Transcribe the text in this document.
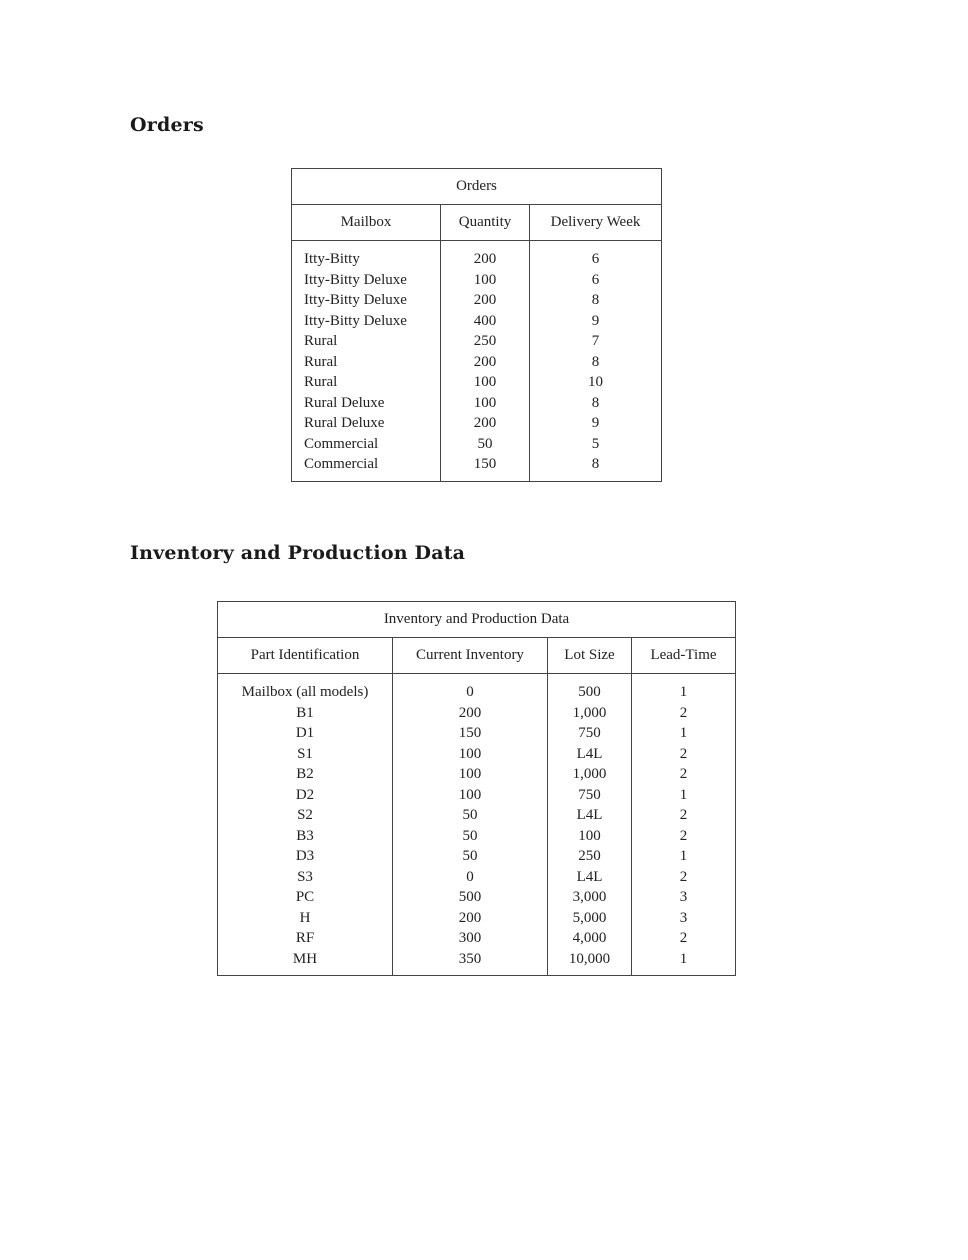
Orders
Orders		
Mailbox	Quantity	Delivery Week
Itty-Bitty	200	6
Itty-Bitty Deluxe	100	6
Itty-Bitty Deluxe	200	8
Itty-Bitty Deluxe	400	9
Rural	250	7
Rural	200	8
Rural	100	10
Rural Deluxe	100	8
Rural Deluxe	200	9
Commercial	50	5
Commercial	150	8
Inventory and Production Data
Inventory and Production Data			
Part Identification	Current Inventory	Lot Size	Lead-Time
Mailbox (all models)	0	500	1
B1	200	1,000	2
D1	150	750	1
S1	100	L4L	2
B2	100	1,000	2
D2	100	750	1
S2	50	L4L	2
B3	50	100	2
D3	50	250	1
S3	0	L4L	2
PC	500	3,000	3
H	200	5,000	3
RF	300	4,000	2
MH	350	10,000	1
